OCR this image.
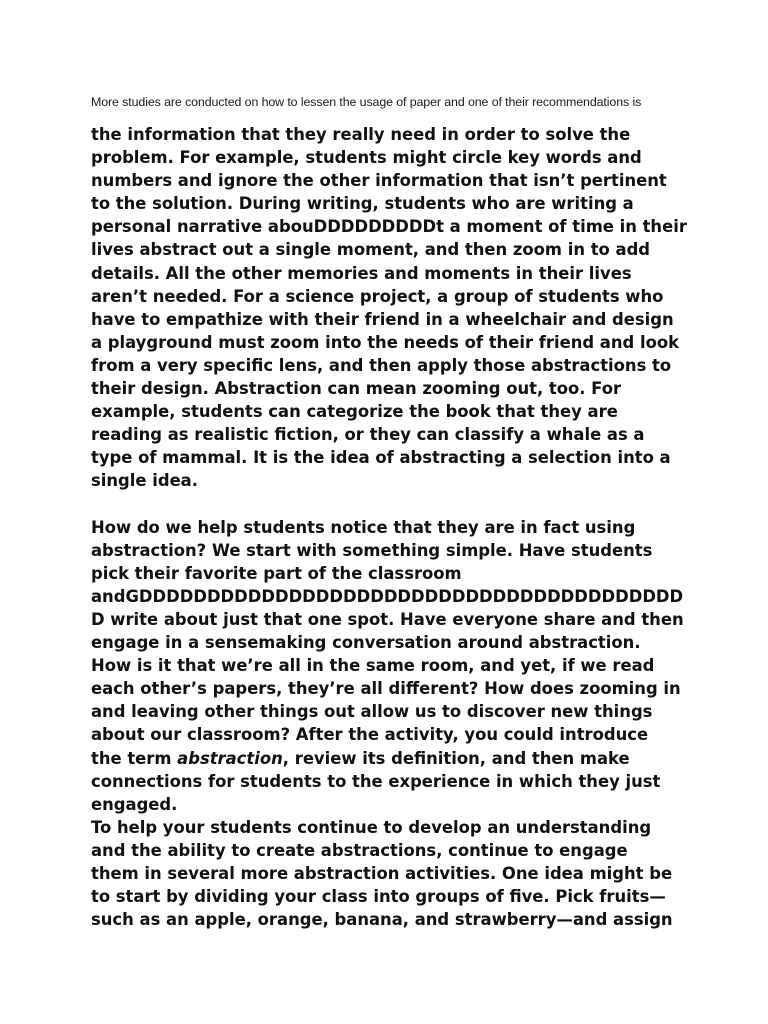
More studies are conducted on how to lessen the usage of paper and one of their recommendations is

the information that they really need in order to solve the
problem. For example, students might circle key words and
numbers and ignore the other information that isn’t pertinent
to the solution. During writing, students who are writing a
personal narrative abouDDDDDDDDDt a moment of time in their
lives abstract out a single moment, and then zoom in to add
details. All the other memories and moments in their lives
aren’t needed. For a science project, a group of students who
have to empathize with their friend in a wheelchair and design
a playground must zoom into the needs of their friend and look
from a very specific lens, and then apply those abstractions to
their design. Abstraction can mean zooming out, too. For
example, students can categorize the book that they are
reading as realistic fiction, or they can classify a whale as a
type of mammal. It is the idea of abstracting a selection into a
single idea.

How do we help students notice that they are in fact using
abstraction? We start with something simple. Have students
pick their favorite part of the classroom
andGDDDDDDDDDDDDDDDDDDDDDDDDDDDDDDDDDDDDDDDD
D write about just that one spot. Have everyone share and then
engage in a sensemaking conversation around abstraction.
How is it that we’re all in the same room, and yet, if we read
each other’s papers, they’re all different? How does zooming in
and leaving other things out allow us to discover new things
about our classroom? After the activity, you could introduce
the term abstraction, review its definition, and then make
connections for students to the experience in which they just
engaged.

To help your students continue to develop an understanding
and the ability to create abstractions, continue to engage
them in several more abstraction activities. One idea might be
to start by dividing your class into groups of five. Pick fruits—
such as an apple, orange, banana, and strawberry—and assign
